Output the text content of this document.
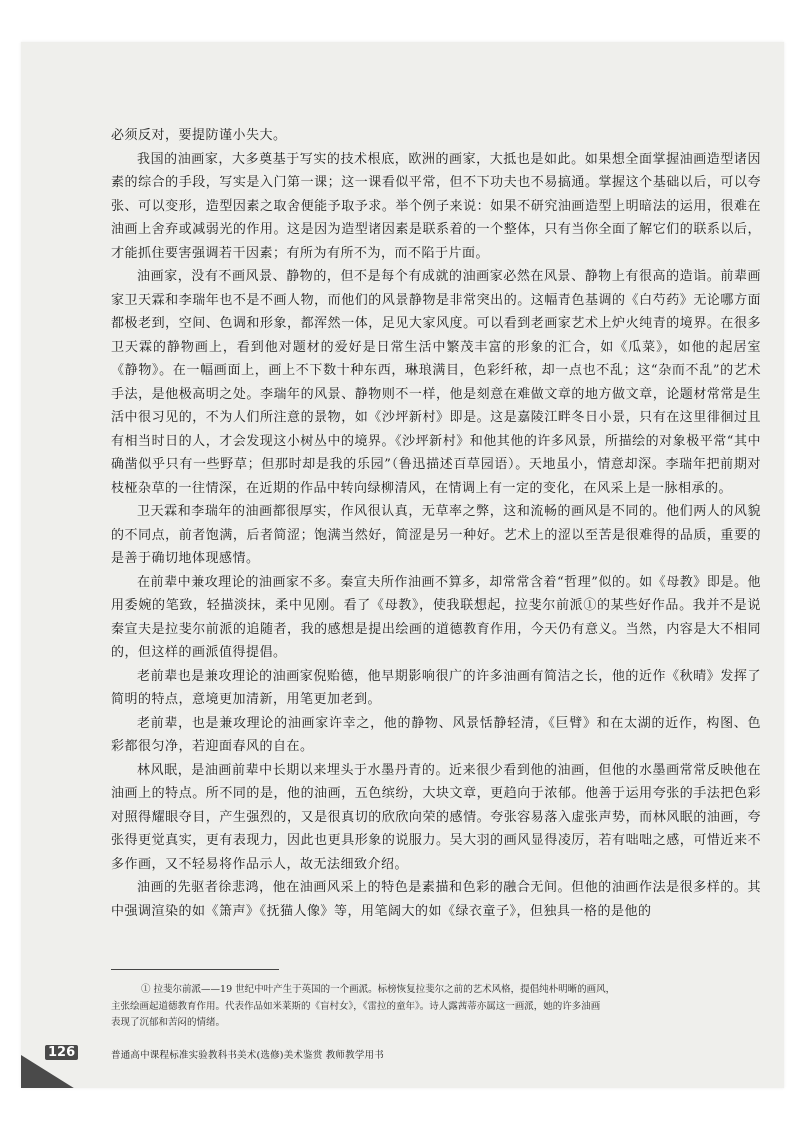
必须反对，要提防谨小失大。

我国的油画家，大多奠基于写实的技术根底，欧洲的画家，大抵也是如此。如果想全面掌握油画造型诸因素的综合的手段，写实是入门第一课；这一课看似平常，但不下功夫也不易搞通。掌握这个基础以后，可以夸张、可以变形，造型因素之取舍便能予取予求。举个例子来说：如果不研究油画造型上明暗法的运用，很难在油画上舍弃或减弱光的作用。这是因为造型诸因素是联系着的一个整体，只有当你全面了解它们的联系以后，才能抓住要害强调若干因素；有所为有所不为，而不陷于片面。

油画家，没有不画风景、静物的，但不是每个有成就的油画家必然在风景、静物上有很高的造诣。前辈画家卫天霖和李瑞年也不是不画人物，而他们的风景静物是非常突出的。这幅青色基调的《白芍药》无论哪方面都极老到，空间、色调和形象，都浑然一体，足见大家风度。可以看到老画家艺术上炉火纯青的境界。在很多卫天霖的静物画上，看到他对题材的爱好是日常生活中繁茂丰富的形象的汇合，如《瓜菜》，如他的起居室《静物》。在一幅画面上，画上不下数十种东西，琳琅满目，色彩纤秾，却一点也不乱；这“杂而不乱”的艺术手法，是他极高明之处。李瑞年的风景、静物则不一样，他是刻意在难做文章的地方做文章，论题材常常是生活中很习见的，不为人们所注意的景物，如《沙坪新村》即是。这是嘉陵江畔冬日小景，只有在这里徘徊过且有相当时日的人，才会发现这小树丛中的境界。《沙坪新村》和他其他的许多风景，所描绘的对象极平常“其中确凿似乎只有一些野草；但那时却是我的乐园”（鲁迅描述百草园语）。天地虽小，情意却深。李瑞年把前期对枝桠杂草的一往情深，在近期的作品中转向绿柳清风，在情调上有一定的变化，在风采上是一脉相承的。

卫天霖和李瑞年的油画都很厚实，作风很认真，无草率之弊，这和流畅的画风是不同的。他们两人的风貌的不同点，前者饱满，后者简涩；饱满当然好，简涩是另一种好。艺术上的涩以至苦是很难得的品质，重要的是善于确切地体现感情。

在前辈中兼攻理论的油画家不多。秦宣夫所作油画不算多，却常常含着“哲理”似的。如《母教》即是。他用委婉的笔致，轻描淡抹，柔中见刚。看了《母教》，使我联想起，拉斐尔前派①的某些好作品。我并不是说秦宣夫是拉斐尔前派的追随者，我的感想是提出绘画的道德教育作用，今天仍有意义。当然，内容是大不相同的，但这样的画派值得提倡。

老前辈也是兼攻理论的油画家倪贻德，他早期影响很广的许多油画有简洁之长，他的近作《秋晴》发挥了简明的特点，意境更加清新，用笔更加老到。

老前辈，也是兼攻理论的油画家许幸之，他的静物、风景恬静轻清，《巨臂》和在太湖的近作，构图、色彩都很匀净，若迎面春风的自在。

林风眠，是油画前辈中长期以来埋头于水墨丹青的。近来很少看到他的油画，但他的水墨画常常反映他在油画上的特点。所不同的是，他的油画，五色缤纷，大块文章，更趋向于浓郁。他善于运用夸张的手法把色彩对照得耀眼夺目，产生强烈的，又是很真切的欣欣向荣的感情。夸张容易落入虚张声势，而林风眠的油画，夸张得更觉真实，更有表现力，因此也更具形象的说服力。吴大羽的画风显得凌厉，若有咄咄之感，可惜近来不多作画，又不轻易将作品示人，故无法细致介绍。

油画的先驱者徐悲鸿，他在油画风采上的特色是素描和色彩的融合无间。但他的油画作法是很多样的。其中强调渲染的如《箫声》《抚猫人像》等，用笔阔大的如《绿衣童子》，但独具一格的是他的

① 拉斐尔前派——19 世纪中叶产生于英国的一个画派。标榜恢复拉斐尔之前的艺术风格，提倡纯朴明晰的画风，
主张绘画起道德教育作用。代表作品如米莱斯的《盲村女》，《雷拉的童年》。诗人露茜蒂亦属这一画派，她的许多油画
表现了沉郁和苦闷的情绪。
126	普通高中课程标准实验教科书美术(选修)美术鉴赏 教师教学用书
